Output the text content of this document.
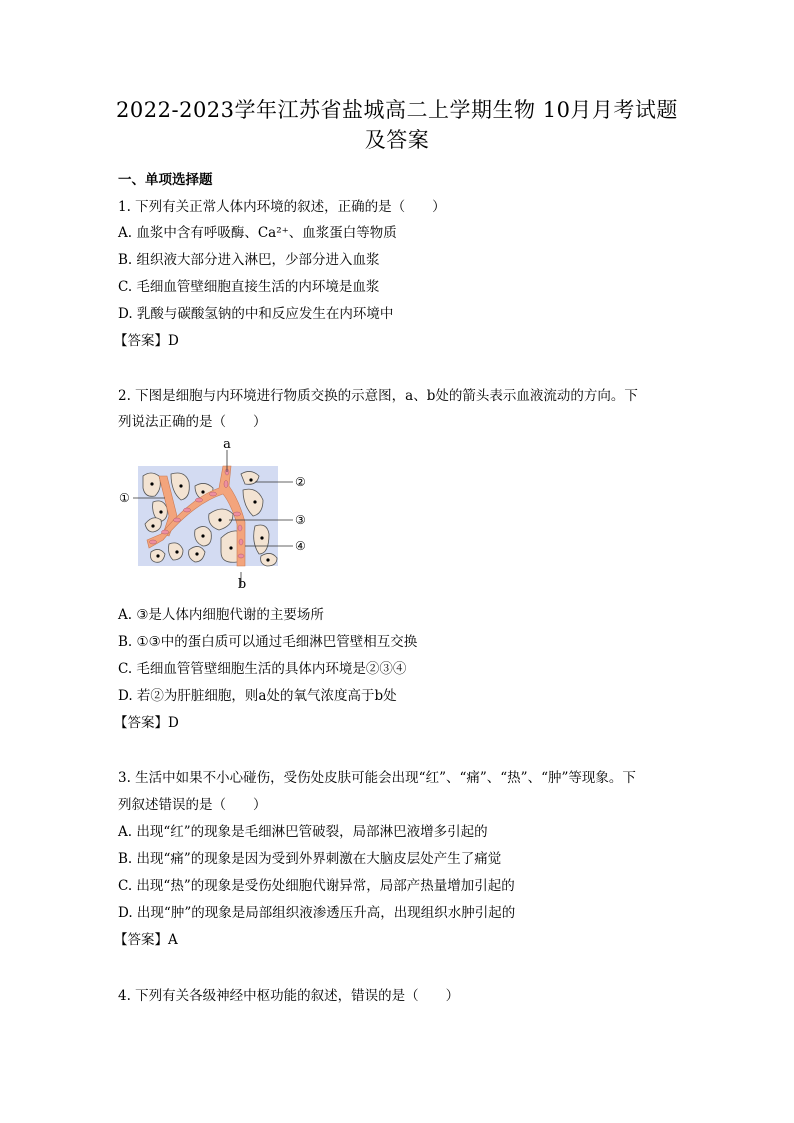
2022-2023学年江苏省盐城高二上学期生物 10月月考试题
及答案
一、单项选择题
1. 下列有关正常人体内环境的叙述，正确的是（　　）
A. 血浆中含有呼吸酶、Ca²⁺、血浆蛋白等物质
B. 组织液大部分进入淋巴，少部分进入血浆
C. 毛细血管壁细胞直接生活的内环境是血浆
D. 乳酸与碳酸氢钠的中和反应发生在内环境中
【答案】D
2. 下图是细胞与内环境进行物质交换的示意图，a、b处的箭头表示血液流动的方向。下
列说法正确的是（　　）
a
b
①
②
③
④
A. ③是人体内细胞代谢的主要场所
B. ①③中的蛋白质可以通过毛细淋巴管壁相互交换
C. 毛细血管管壁细胞生活的具体内环境是②③④
D. 若②为肝脏细胞，则a处的氧气浓度高于b处
【答案】D
3. 生活中如果不小心碰伤，受伤处皮肤可能会出现“红”、“痛”、“热”、“肿”等现象。下
列叙述错误的是（　　）
A. 出现“红”的现象是毛细淋巴管破裂，局部淋巴液增多引起的
B. 出现“痛”的现象是因为受到外界刺激在大脑皮层处产生了痛觉
C. 出现“热”的现象是受伤处细胞代谢异常，局部产热量增加引起的
D. 出现“肿”的现象是局部组织液渗透压升高，出现组织水肿引起的
【答案】A
4. 下列有关各级神经中枢功能的叙述，错误的是（　　）
